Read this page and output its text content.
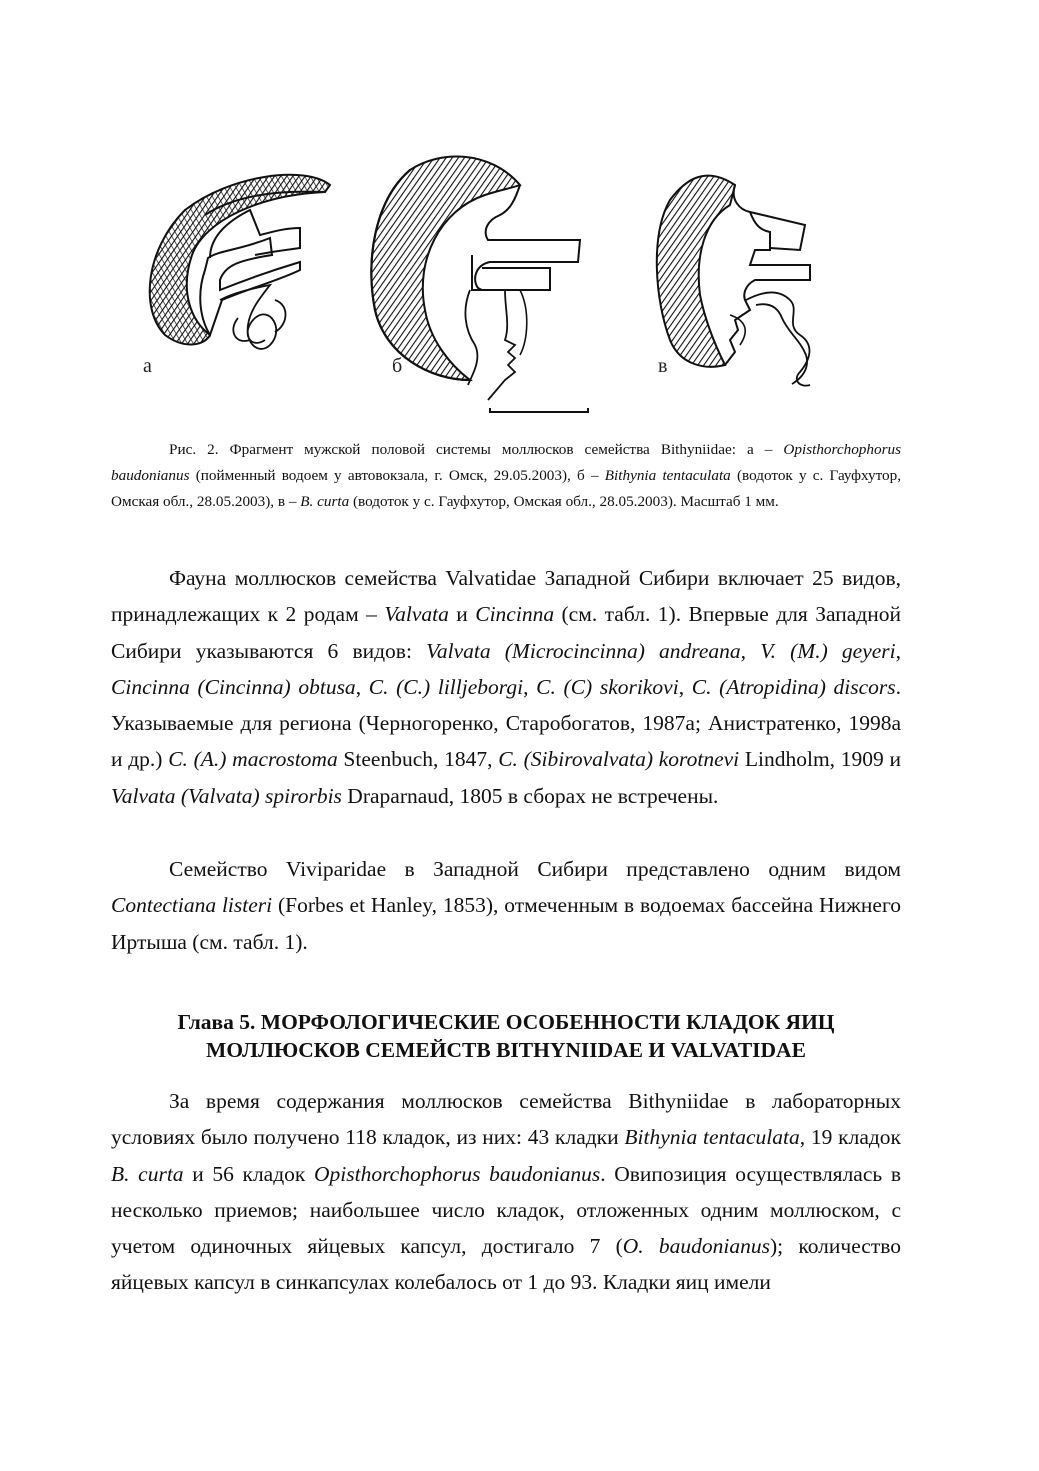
а	б	в
Рис. 2. Фрагмент мужской половой системы моллюсков семейства Bithyniidae: а – Opisthorchophorus baudonianus (пойменный водоем у автовокзала, г. Омск, 29.05.2003), б – Bithynia tentaculata (водоток у с. Гауфхутор, Омская обл., 28.05.2003), в – B. curta (водоток у с. Гауфхутор, Омская обл., 28.05.2003). Масштаб 1 мм.
Фауна моллюсков семейства Valvatidae Западной Сибири включает 25 видов, принадлежащих к 2 родам – Valvata и Cincinna (см. табл. 1). Впервые для Западной Сибири указываются 6 видов: Valvata (Microcincinna) andreana, V. (M.) geyeri, Cincinna (Cincinna) obtusa, C. (C.) lilljeborgi, C. (C) skorikovi, C. (Atropidina) discors. Указываемые для региона (Черногоренко, Старобогатов, 1987а; Анистратенко, 1998а и др.) C. (A.) macrostoma Steenbuch, 1847, C. (Sibirovalvata) korotnevi Lindholm, 1909 и Valvata (Valvata) spirorbis Draparnaud, 1805 в сборах не встречены.
Семейство Viviparidae в Западной Сибири представлено одним видом Contectiana listeri (Forbes et Hanley, 1853), отмеченным в водоемах бассейна Нижнего Иртыша (см. табл. 1).
Глава 5. МОРФОЛОГИЧЕСКИЕ ОСОБЕННОСТИ КЛАДОК ЯИЦ
МОЛЛЮСКОВ СЕМЕЙСТВ BITHYNIIDAE И VALVATIDAE
За время содержания моллюсков семейства Bithyniidae в лабораторных условиях было получено 118 кладок, из них: 43 кладки Bithynia tentaculata, 19 кладок B. curta и 56 кладок Opisthorchophorus baudonianus. Овипозиция осуществлялась в несколько приемов; наибольшее число кладок, отложенных одним моллюском, с учетом одиночных яйцевых капсул, достигало 7 (O. baudonianus); количество яйцевых капсул в синкапсулах колебалось от 1 до 93. Кладки яиц имели
